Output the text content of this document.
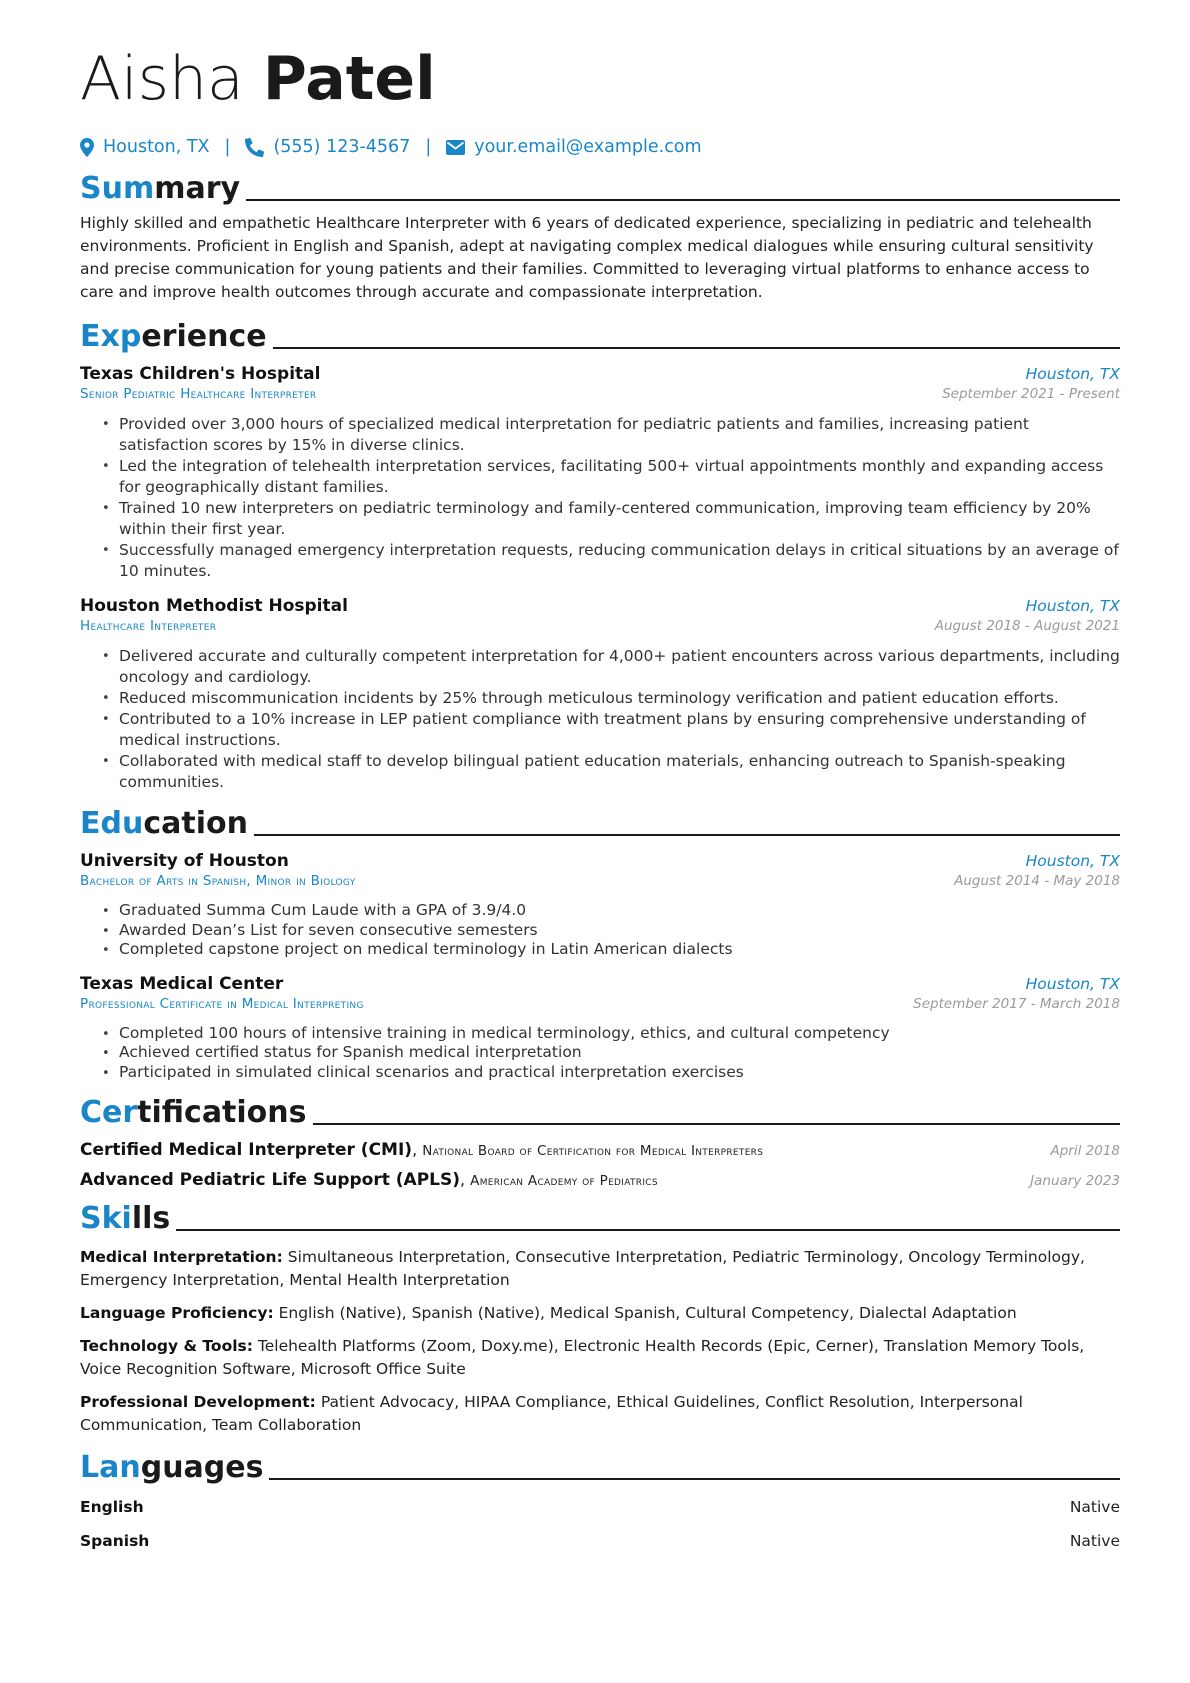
Aisha Patel
Houston, TX | (555) 123-4567 | your.email@example.com
Summary

Highly skilled and empathetic Healthcare Interpreter with 6 years of dedicated experience, specializing in pediatric and telehealth environments. Proficient in English and Spanish, adept at navigating complex medical dialogues while ensuring cultural sensitivity and precise communication for young patients and their families. Committed to leveraging virtual platforms to enhance access to care and improve health outcomes through accurate and compassionate interpretation.

Experience
Texas Children's Hospital	Houston, TX
Senior Pediatric Healthcare Interpreter	September 2021 - Present
• Provided over 3,000 hours of specialized medical interpretation for pediatric patients and families, increasing patient satisfaction scores by 15% in diverse clinics.
• Led the integration of telehealth interpretation services, facilitating 500+ virtual appointments monthly and expanding access for geographically distant families.
• Trained 10 new interpreters on pediatric terminology and family-centered communication, improving team efficiency by 20% within their first year.
• Successfully managed emergency interpretation requests, reducing communication delays in critical situations by an average of 10 minutes.
Houston Methodist Hospital	Houston, TX
Healthcare Interpreter	August 2018 - August 2021
• Delivered accurate and culturally competent interpretation for 4,000+ patient encounters across various departments, including oncology and cardiology.
• Reduced miscommunication incidents by 25% through meticulous terminology verification and patient education efforts.
• Contributed to a 10% increase in LEP patient compliance with treatment plans by ensuring comprehensive understanding of medical instructions.
• Collaborated with medical staff to develop bilingual patient education materials, enhancing outreach to Spanish-speaking communities.
Education
University of Houston	Houston, TX
Bachelor of Arts in Spanish, Minor in Biology	August 2014 - May 2018
• Graduated Summa Cum Laude with a GPA of 3.9/4.0
• Awarded Dean’s List for seven consecutive semesters
• Completed capstone project on medical terminology in Latin American dialects
Texas Medical Center	Houston, TX
Professional Certificate in Medical Interpreting	September 2017 - March 2018
• Completed 100 hours of intensive training in medical terminology, ethics, and cultural competency
• Achieved certified status for Spanish medical interpretation
• Participated in simulated clinical scenarios and practical interpretation exercises
Certifications
Certified Medical Interpreter (CMI), National Board of Certification for Medical Interpreters	April 2018
Advanced Pediatric Life Support (APLS), American Academy of Pediatrics	January 2023
Skills

Medical Interpretation: Simultaneous Interpretation, Consecutive Interpretation, Pediatric Terminology, Oncology Terminology, Emergency Interpretation, Mental Health Interpretation

Language Proficiency: English (Native), Spanish (Native), Medical Spanish, Cultural Competency, Dialectal Adaptation

Technology & Tools: Telehealth Platforms (Zoom, Doxy.me), Electronic Health Records (Epic, Cerner), Translation Memory Tools, Voice Recognition Software, Microsoft Office Suite

Professional Development: Patient Advocacy, HIPAA Compliance, Ethical Guidelines, Conflict Resolution, Interpersonal Communication, Team Collaboration

Languages
English	Native
Spanish	Native
